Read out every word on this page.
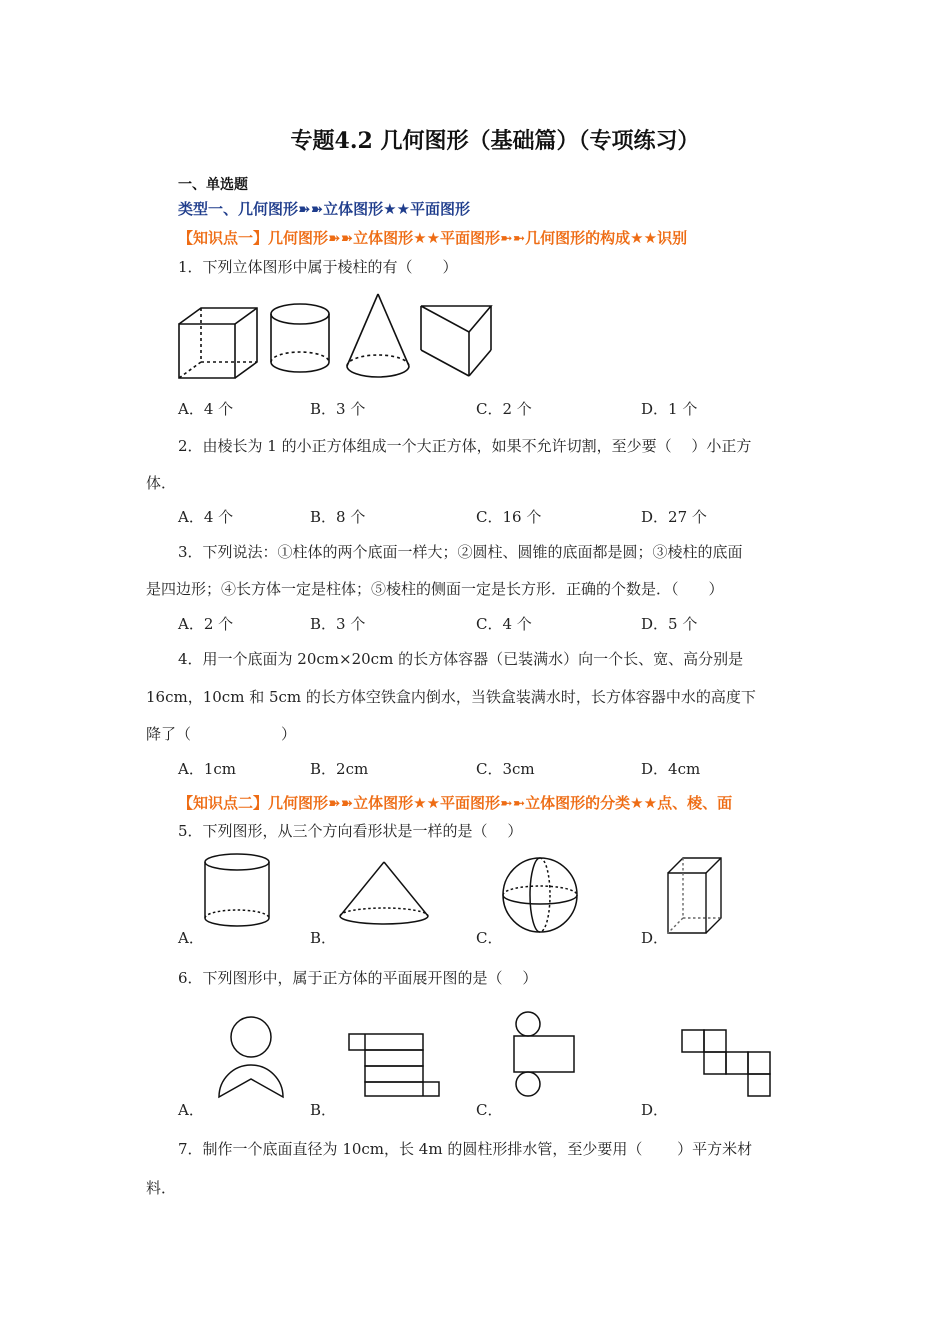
专题4.2 几何图形（基础篇）（专项练习）
一、单选题
类型一、几何图形➽➽立体图形★★平面图形
【知识点一】几何图形➽➽立体图形★★平面图形➼➼几何图形的构成★★识别
1．下列立体图形中属于棱柱的有（　　）
A．4 个	B．3 个	C．2 个	D．1 个
2．由棱长为 1 的小正方体组成一个大正方体，如果不允许切割，至少要（　 ）小正方
体．
A．4 个	B．8 个	C．16 个	D．27 个
3．下列说法：①柱体的两个底面一样大；②圆柱、圆锥的底面都是圆；③棱柱的底面
是四边形；④长方体一定是柱体；⑤棱柱的侧面一定是长方形．正确的个数是．（　　）
A．2 个	B．3 个	C．4 个	D．5 个
4．用一个底面为 20cm×20cm 的长方体容器（已装满水）向一个长、宽、高分别是
16cm，10cm 和 5cm 的长方体空铁盒内倒水，当铁盒装满水时，长方体容器中水的高度下
降了（　　　　　　）
A．1cm	B．2cm	C．3cm	D．4cm
【知识点二】几何图形➽➽立体图形★★平面图形➼➼立体图形的分类★★点、棱、面
5．下列图形，从三个方向看形状是一样的是（　 ）
A．	B．	C．	D．
6．下列图形中，属于正方体的平面展开图的是（　 ）
A．	B．	C．	D．
7．制作一个底面直径为 10cm，长 4m 的圆柱形排水管，至少要用（　　 ）平方米材
料．
